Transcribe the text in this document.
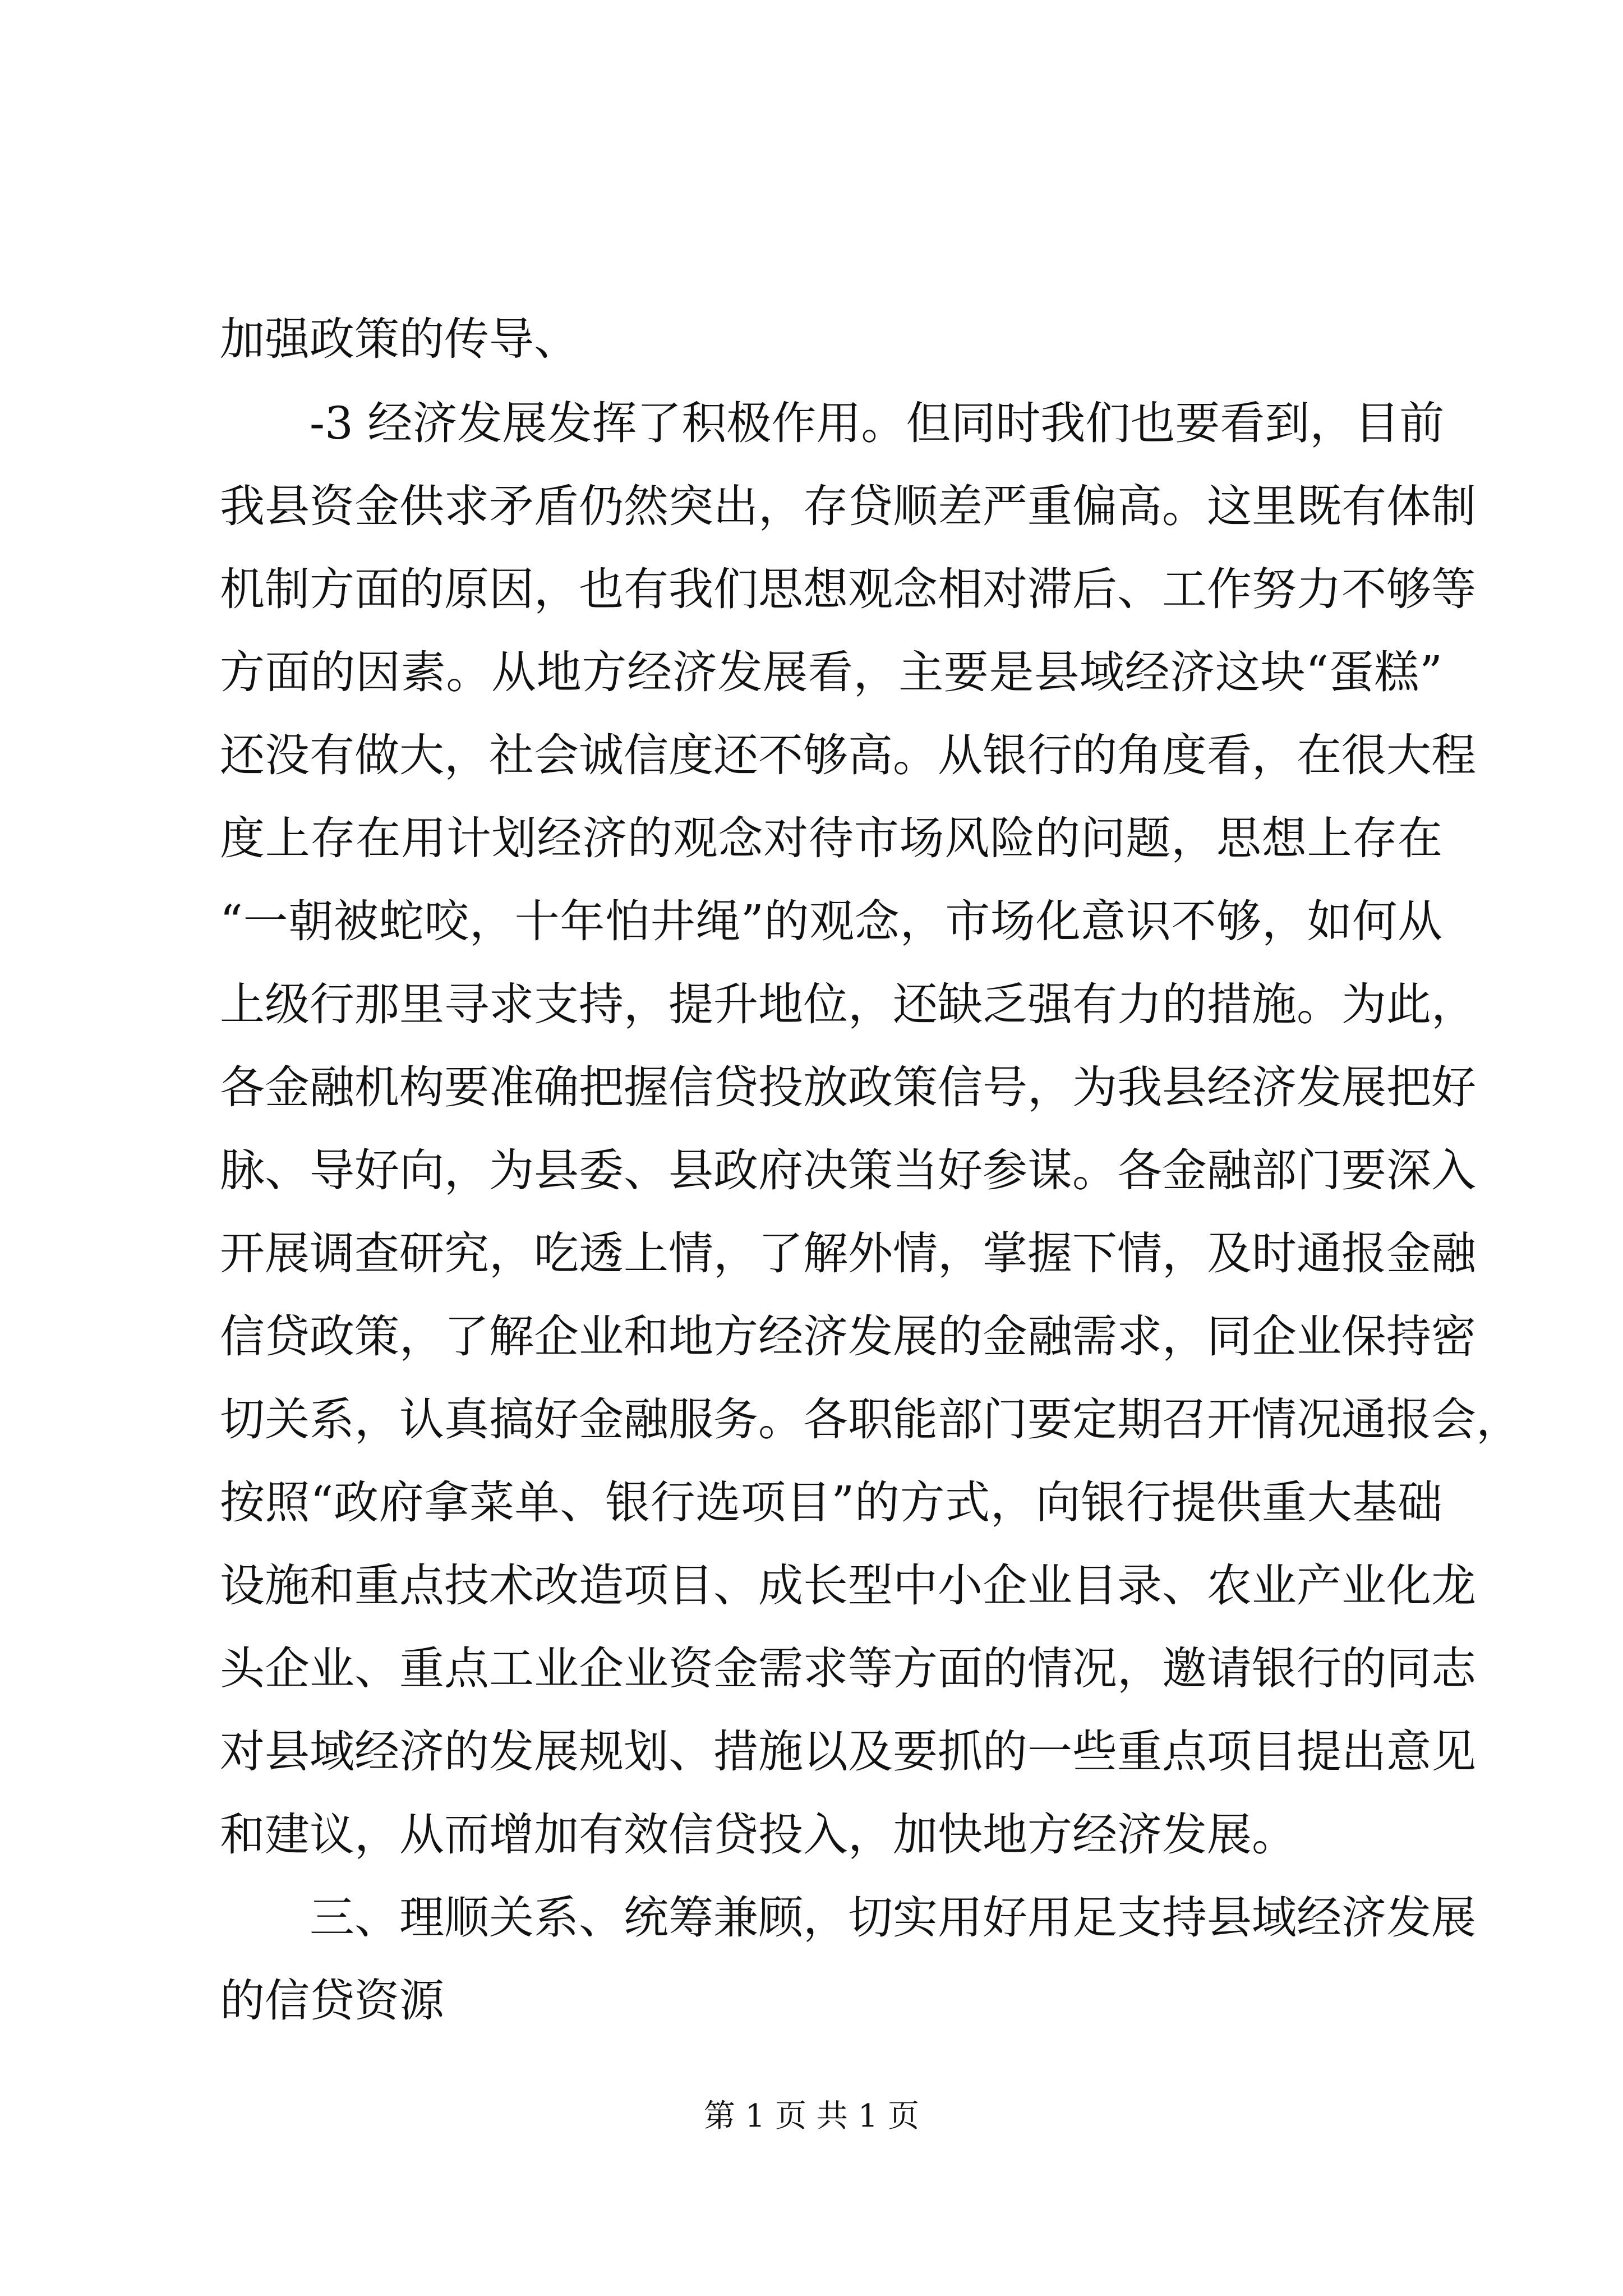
加强政策的传导、
-3 经济发展发挥了积极作用。但同时我们也要看到，目前
我县资金供求矛盾仍然突出，存贷顺差严重偏高。这里既有体制
机制方面的原因，也有我们思想观念相对滞后、工作努力不够等
方面的因素。从地方经济发展看，主要是县域经济这块“蛋糕”
还没有做大，社会诚信度还不够高。从银行的角度看，在很大程
度上存在用计划经济的观念对待市场风险的问题，思想上存在
“一朝被蛇咬，十年怕井绳”的观念，市场化意识不够，如何从
上级行那里寻求支持，提升地位，还缺乏强有力的措施。为此，
各金融机构要准确把握信贷投放政策信号，为我县经济发展把好
脉、导好向，为县委、县政府决策当好参谋。各金融部门要深入
开展调查研究，吃透上情，了解外情，掌握下情，及时通报金融
信贷政策，了解企业和地方经济发展的金融需求，同企业保持密
切关系，认真搞好金融服务。各职能部门要定期召开情况通报会，
按照“政府拿菜单、银行选项目”的方式，向银行提供重大基础
设施和重点技术改造项目、成长型中小企业目录、农业产业化龙
头企业、重点工业企业资金需求等方面的情况，邀请银行的同志
对县域经济的发展规划、措施以及要抓的一些重点项目提出意见
和建议，从而增加有效信贷投入，加快地方经济发展。
三、理顺关系、统筹兼顾，切实用好用足支持县域经济发展
的信贷资源
第 1 页 共 1 页
